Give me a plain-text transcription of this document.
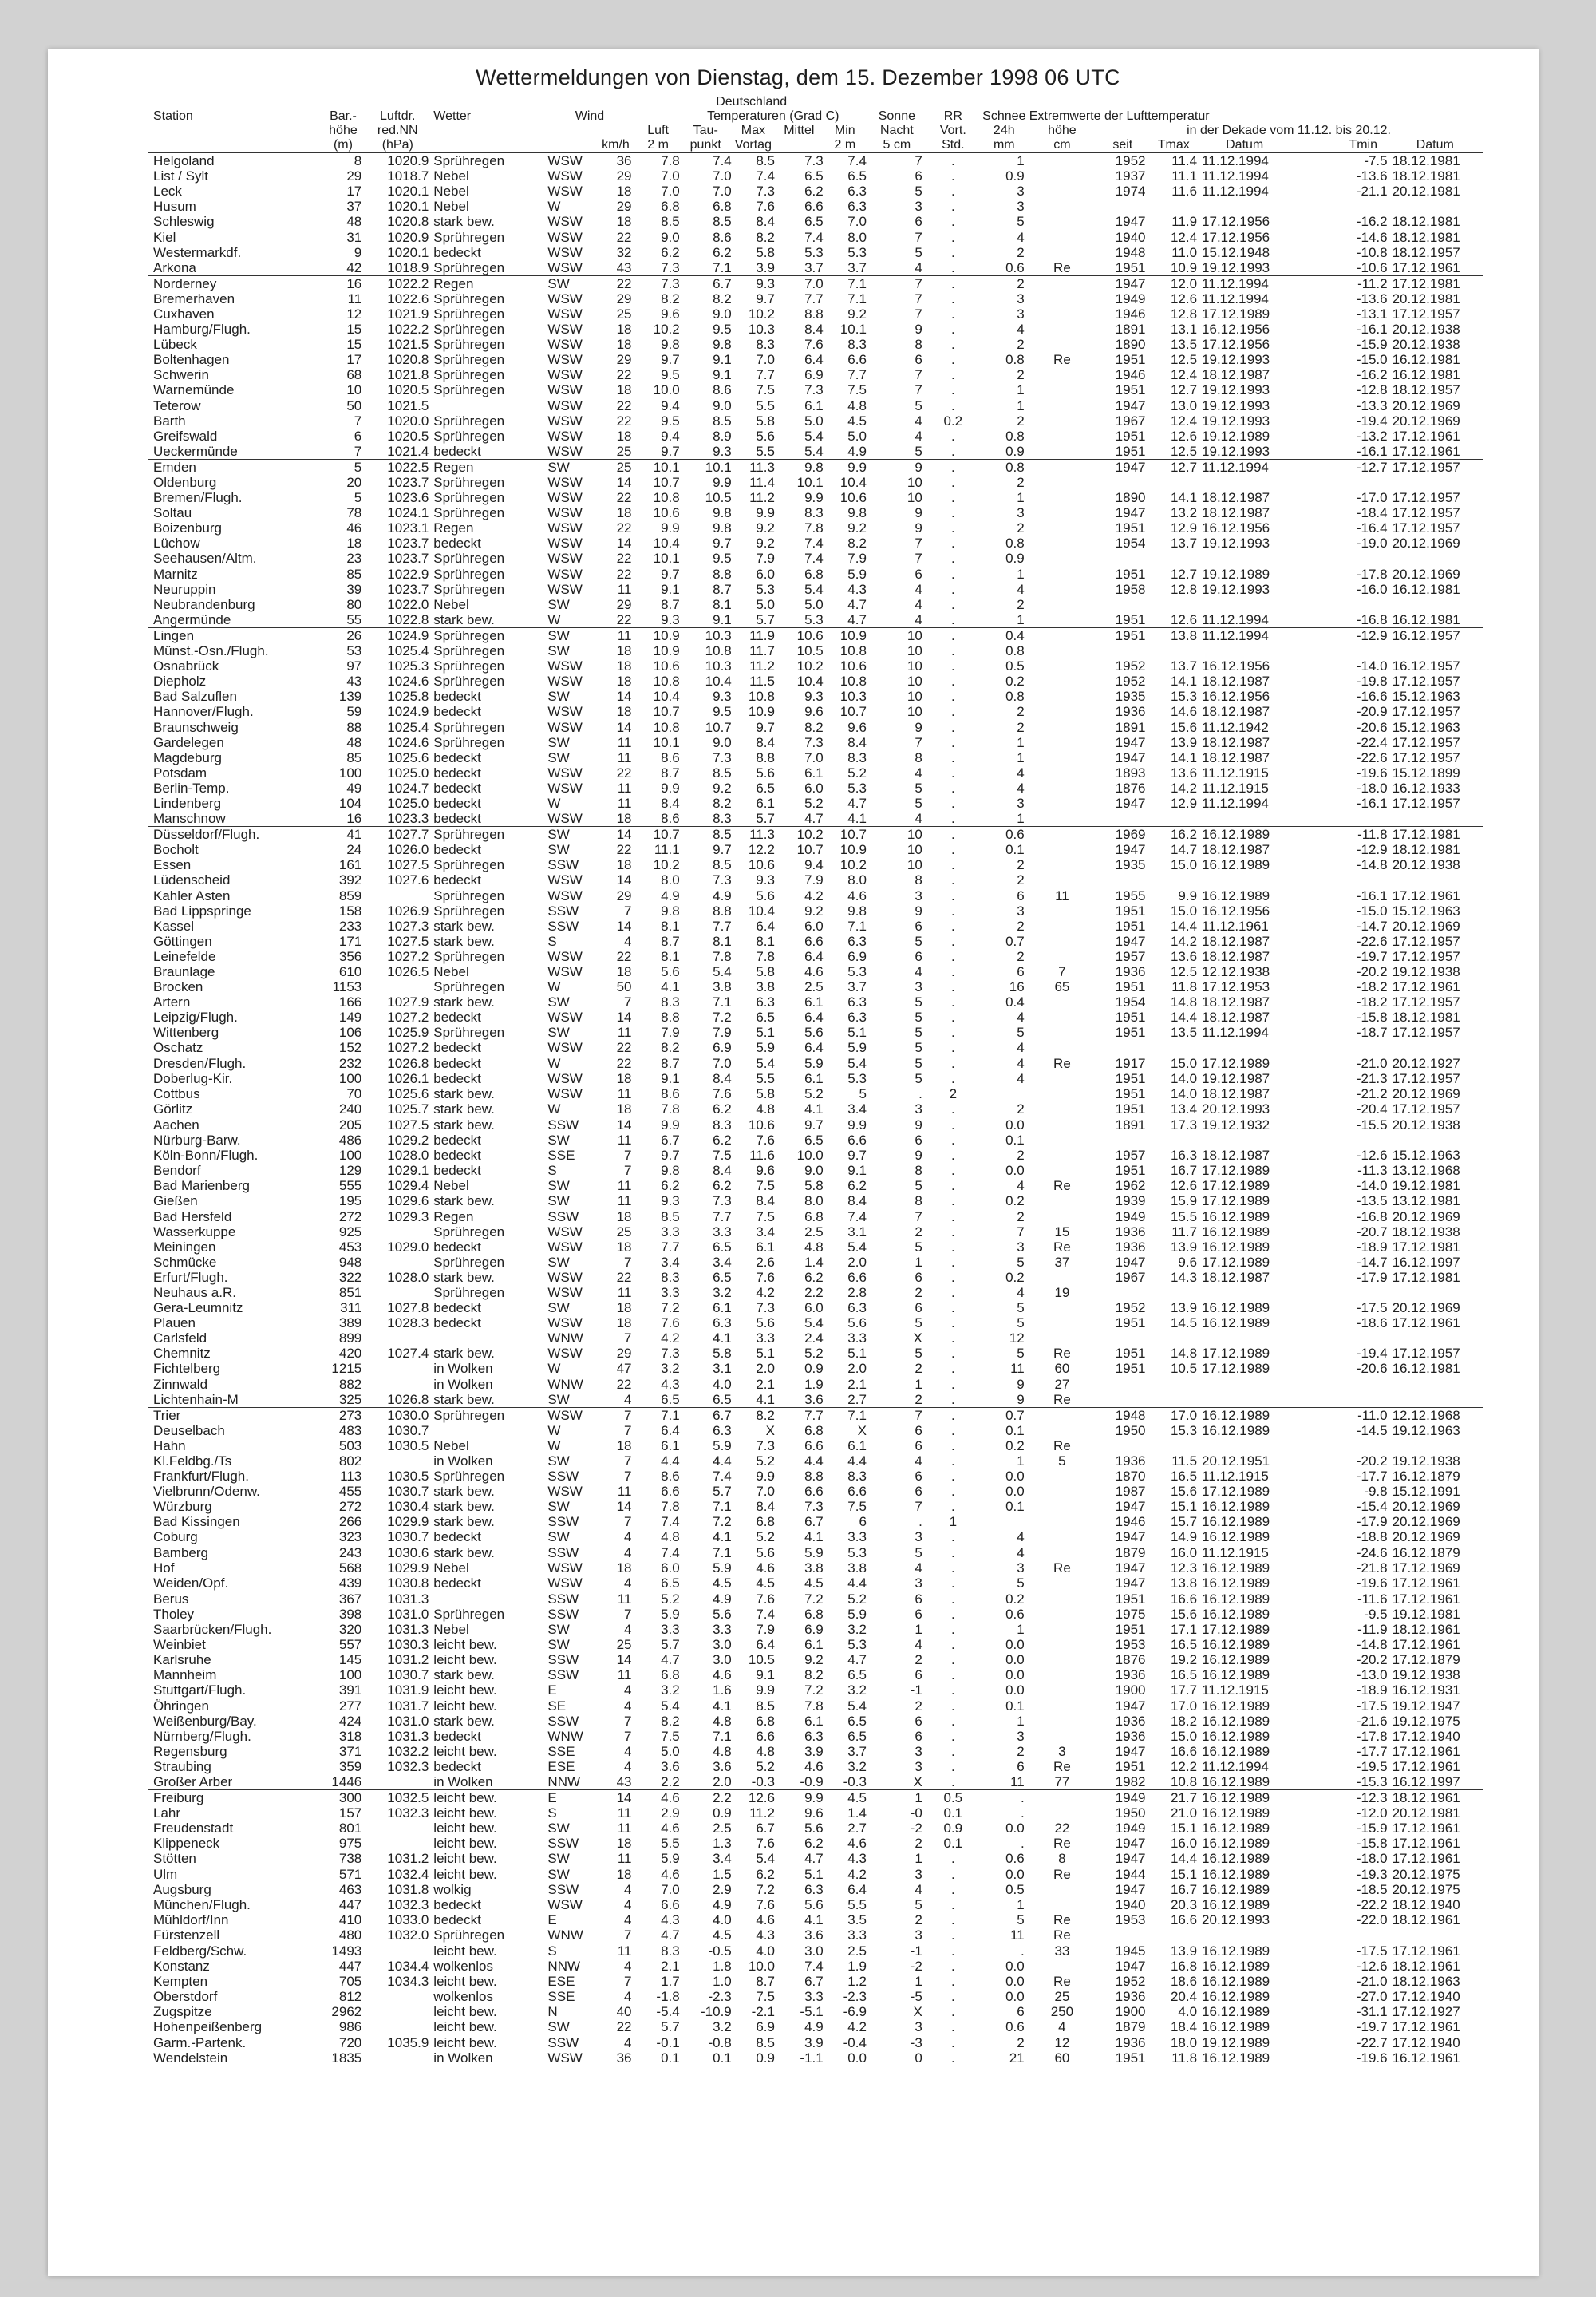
Wettermeldungen von Dienstag, dem 15. Dezember 1998 06 UTC
							Deutschland													
Station	Bar.-	Luftdr.	Wetter	Wind			Temperaturen (Grad C)				Sonne	RR	Schnee	Extremwerte der Lufttemperatur						
	höhe	red.NN				Luft	Tau-	Max	Mittel	Min	Nacht	Vort.	24h	höhe	in der Dekade vom 11.12. bis 20.12.					
	(m)	(hPa)			km/h	2 m	punkt	Vortag		2 m	5 cm	Std.	mm	cm	seit	Tmax	Datum		Tmin	Datum
Helgoland	8	1020.9	Sprühregen	WSW	36	7.8	7.4	8.5	7.3	7.4	7	.	1		1952	11.4	11.12.1994		-7.5	18.12.1981
List / Sylt	29	1018.7	Nebel	WSW	29	7.0	7.0	7.4	6.5	6.5	6	.	0.9		1937	11.1	11.12.1994		-13.6	18.12.1981
Leck	17	1020.1	Nebel	WSW	18	7.0	7.0	7.3	6.2	6.3	5	.	3		1974	11.6	11.12.1994		-21.1	20.12.1981
Husum	37	1020.1	Nebel	W	29	6.8	6.8	7.6	6.6	6.3	3	.	3							
Schleswig	48	1020.8	stark bew.	WSW	18	8.5	8.5	8.4	6.5	7.0	6	.	5		1947	11.9	17.12.1956		-16.2	18.12.1981
Kiel	31	1020.9	Sprühregen	WSW	22	9.0	8.6	8.2	7.4	8.0	7	.	4		1940	12.4	17.12.1956		-14.6	18.12.1981
Westermarkdf.	9	1020.1	bedeckt	WSW	32	6.2	6.2	5.8	5.3	5.3	5	.	2		1948	11.0	15.12.1948		-10.8	18.12.1957
Arkona	42	1018.9	Sprühregen	WSW	43	7.3	7.1	3.9	3.7	3.7	4	.	0.6	Re	1951	10.9	19.12.1993		-10.6	17.12.1961
Norderney	16	1022.2	Regen	SW	22	7.3	6.7	9.3	7.0	7.1	7	.	2		1947	12.0	11.12.1994		-11.2	17.12.1981
Bremerhaven	11	1022.6	Sprühregen	WSW	29	8.2	8.2	9.7	7.7	7.1	7	.	3		1949	12.6	11.12.1994		-13.6	20.12.1981
Cuxhaven	12	1021.9	Sprühregen	WSW	25	9.6	9.0	10.2	8.8	9.2	7	.	3		1946	12.8	17.12.1989		-13.1	17.12.1957
Hamburg/Flugh.	15	1022.2	Sprühregen	WSW	18	10.2	9.5	10.3	8.4	10.1	9	.	4		1891	13.1	16.12.1956		-16.1	20.12.1938
Lübeck	15	1021.5	Sprühregen	WSW	18	9.8	9.8	8.3	7.6	8.3	8	.	2		1890	13.5	17.12.1956		-15.9	20.12.1938
Boltenhagen	17	1020.8	Sprühregen	WSW	29	9.7	9.1	7.0	6.4	6.6	6	.	0.8	Re	1951	12.5	19.12.1993		-15.0	16.12.1981
Schwerin	68	1021.8	Sprühregen	WSW	22	9.5	9.1	7.7	6.9	7.7	7	.	2		1946	12.4	18.12.1987		-16.2	16.12.1981
Warnemünde	10	1020.5	Sprühregen	WSW	18	10.0	8.6	7.5	7.3	7.5	7	.	1		1951	12.7	19.12.1993		-12.8	18.12.1957
Teterow	50	1021.5		WSW	22	9.4	9.0	5.5	6.1	4.8	5	.	1		1947	13.0	19.12.1993		-13.3	20.12.1969
Barth	7	1020.0	Sprühregen	WSW	22	9.5	8.5	5.8	5.0	4.5	4	0.2	2		1967	12.4	19.12.1993		-19.4	20.12.1969
Greifswald	6	1020.5	Sprühregen	WSW	18	9.4	8.9	5.6	5.4	5.0	4	.	0.8		1951	12.6	19.12.1989		-13.2	17.12.1961
Ueckermünde	7	1021.4	bedeckt	WSW	25	9.7	9.3	5.5	5.4	4.9	5	.	0.9		1951	12.5	19.12.1993		-16.1	17.12.1961
Emden	5	1022.5	Regen	SW	25	10.1	10.1	11.3	9.8	9.9	9	.	0.8		1947	12.7	11.12.1994		-12.7	17.12.1957
Oldenburg	20	1023.7	Sprühregen	WSW	14	10.7	9.9	11.4	10.1	10.4	10	.	2							
Bremen/Flugh.	5	1023.6	Sprühregen	WSW	22	10.8	10.5	11.2	9.9	10.6	10	.	1		1890	14.1	18.12.1987		-17.0	17.12.1957
Soltau	78	1024.1	Sprühregen	WSW	18	10.6	9.8	9.9	8.3	9.8	9	.	3		1947	13.2	18.12.1987		-18.4	17.12.1957
Boizenburg	46	1023.1	Regen	WSW	22	9.9	9.8	9.2	7.8	9.2	9	.	2		1951	12.9	16.12.1956		-16.4	17.12.1957
Lüchow	18	1023.7	bedeckt	WSW	14	10.4	9.7	9.2	7.4	8.2	7	.	0.8		1954	13.7	19.12.1993		-19.0	20.12.1969
Seehausen/Altm.	23	1023.7	Sprühregen	WSW	22	10.1	9.5	7.9	7.4	7.9	7	.	0.9							
Marnitz	85	1022.9	Sprühregen	WSW	22	9.7	8.8	6.0	6.8	5.9	6	.	1		1951	12.7	19.12.1989		-17.8	20.12.1969
Neuruppin	39	1023.7	Sprühregen	WSW	11	9.1	8.7	5.3	5.4	4.3	4	.	4		1958	12.8	19.12.1993		-16.0	16.12.1981
Neubrandenburg	80	1022.0	Nebel	SW	29	8.7	8.1	5.0	5.0	4.7	4	.	2							
Angermünde	55	1022.8	stark bew.	W	22	9.3	9.1	5.7	5.3	4.7	4	.	1		1951	12.6	11.12.1994		-16.8	16.12.1981
Lingen	26	1024.9	Sprühregen	SW	11	10.9	10.3	11.9	10.6	10.9	10	.	0.4		1951	13.8	11.12.1994		-12.9	16.12.1957
Münst.-Osn./Flugh.	53	1025.4	Sprühregen	SW	18	10.9	10.8	11.7	10.5	10.8	10	.	0.8							
Osnabrück	97	1025.3	Sprühregen	WSW	18	10.6	10.3	11.2	10.2	10.6	10	.	0.5		1952	13.7	16.12.1956		-14.0	16.12.1957
Diepholz	43	1024.6	Sprühregen	WSW	18	10.8	10.4	11.5	10.4	10.8	10	.	0.2		1952	14.1	18.12.1987		-19.8	17.12.1957
Bad Salzuflen	139	1025.8	bedeckt	SW	14	10.4	9.3	10.8	9.3	10.3	10	.	0.8		1935	15.3	16.12.1956		-16.6	15.12.1963
Hannover/Flugh.	59	1024.9	bedeckt	WSW	18	10.7	9.5	10.9	9.6	10.7	10	.	2		1936	14.6	18.12.1987		-20.9	17.12.1957
Braunschweig	88	1025.4	Sprühregen	WSW	14	10.8	10.7	9.7	8.2	9.6	9	.	2		1891	15.6	11.12.1942		-20.6	15.12.1963
Gardelegen	48	1024.6	Sprühregen	SW	11	10.1	9.0	8.4	7.3	8.4	7	.	1		1947	13.9	18.12.1987		-22.4	17.12.1957
Magdeburg	85	1025.6	bedeckt	SW	11	8.6	7.3	8.8	7.0	8.3	8	.	1		1947	14.1	18.12.1987		-22.6	17.12.1957
Potsdam	100	1025.0	bedeckt	WSW	22	8.7	8.5	5.6	6.1	5.2	4	.	4		1893	13.6	11.12.1915		-19.6	15.12.1899
Berlin-Temp.	49	1024.7	bedeckt	WSW	11	9.9	9.2	6.5	6.0	5.3	5	.	4		1876	14.2	11.12.1915		-18.0	16.12.1933
Lindenberg	104	1025.0	bedeckt	W	11	8.4	8.2	6.1	5.2	4.7	5	.	3		1947	12.9	11.12.1994		-16.1	17.12.1957
Manschnow	16	1023.3	bedeckt	WSW	18	8.6	8.3	5.7	4.7	4.1	4	.	1							
Düsseldorf/Flugh.	41	1027.7	Sprühregen	SW	14	10.7	8.5	11.3	10.2	10.7	10	.	0.6		1969	16.2	16.12.1989		-11.8	17.12.1981
Bocholt	24	1026.0	bedeckt	SW	22	11.1	9.7	12.2	10.7	10.9	10	.	0.1		1947	14.7	18.12.1987		-12.9	18.12.1981
Essen	161	1027.5	Sprühregen	SSW	18	10.2	8.5	10.6	9.4	10.2	10	.	2		1935	15.0	16.12.1989		-14.8	20.12.1938
Lüdenscheid	392	1027.6	bedeckt	WSW	14	8.0	7.3	9.3	7.9	8.0	8	.	2							
Kahler Asten	859		Sprühregen	WSW	29	4.9	4.9	5.6	4.2	4.6	3	.	6	11	1955	9.9	16.12.1989		-16.1	17.12.1961
Bad Lippspringe	158	1026.9	Sprühregen	SSW	7	9.8	8.8	10.4	9.2	9.8	9	.	3		1951	15.0	16.12.1956		-15.0	15.12.1963
Kassel	233	1027.3	stark bew.	SSW	14	8.1	7.7	6.4	6.0	7.1	6	.	2		1951	14.4	11.12.1961		-14.7	20.12.1969
Göttingen	171	1027.5	stark bew.	S	4	8.7	8.1	8.1	6.6	6.3	5	.	0.7		1947	14.2	18.12.1987		-22.6	17.12.1957
Leinefelde	356	1027.2	Sprühregen	WSW	22	8.1	7.8	7.8	6.4	6.9	6	.	2		1957	13.6	18.12.1987		-19.7	17.12.1957
Braunlage	610	1026.5	Nebel	WSW	18	5.6	5.4	5.8	4.6	5.3	4	.	6	7	1936	12.5	12.12.1938		-20.2	19.12.1938
Brocken	1153		Sprühregen	W	50	4.1	3.8	3.8	2.5	3.7	3	.	16	65	1951	11.8	17.12.1953		-18.2	17.12.1961
Artern	166	1027.9	stark bew.	SW	7	8.3	7.1	6.3	6.1	6.3	5	.	0.4		1954	14.8	18.12.1987		-18.2	17.12.1957
Leipzig/Flugh.	149	1027.2	bedeckt	WSW	14	8.8	7.2	6.5	6.4	6.3	5	.	4		1951	14.4	18.12.1987		-15.8	18.12.1981
Wittenberg	106	1025.9	Sprühregen	SW	11	7.9	7.9	5.1	5.6	5.1	5	.	5		1951	13.5	11.12.1994		-18.7	17.12.1957
Oschatz	152	1027.2	bedeckt	WSW	22	8.2	6.9	5.9	6.4	5.9	5	.	4							
Dresden/Flugh.	232	1026.8	bedeckt	W	22	8.7	7.0	5.4	5.9	5.4	5	.	4	Re	1917	15.0	17.12.1989		-21.0	20.12.1927
Doberlug-Kir.	100	1026.1	bedeckt	WSW	18	9.1	8.4	5.5	6.1	5.3	5	.	4		1951	14.0	19.12.1987		-21.3	17.12.1957
Cottbus	70	1025.6	stark bew.	WSW	11	8.6	7.6	5.8	5.2	5	.	2			1951	14.0	18.12.1987		-21.2	20.12.1969
Görlitz	240	1025.7	stark bew.	W	18	7.8	6.2	4.8	4.1	3.4	3	.	2		1951	13.4	20.12.1993		-20.4	17.12.1957
Aachen	205	1027.5	stark bew.	SSW	14	9.9	8.3	10.6	9.7	9.9	9	.	0.0		1891	17.3	19.12.1932		-15.5	20.12.1938
Nürburg-Barw.	486	1029.2	bedeckt	SW	11	6.7	6.2	7.6	6.5	6.6	6	.	0.1							
Köln-Bonn/Flugh.	100	1028.0	bedeckt	SSE	7	9.7	7.5	11.6	10.0	9.7	9	.	2		1957	16.3	18.12.1987		-12.6	15.12.1963
Bendorf	129	1029.1	bedeckt	S	7	9.8	8.4	9.6	9.0	9.1	8	.	0.0		1951	16.7	17.12.1989		-11.3	13.12.1968
Bad Marienberg	555	1029.4	Nebel	SW	11	6.2	6.2	7.5	5.8	6.2	5	.	4	Re	1962	12.6	17.12.1989		-14.0	19.12.1981
Gießen	195	1029.6	stark bew.	SW	11	9.3	7.3	8.4	8.0	8.4	8	.	0.2		1939	15.9	17.12.1989		-13.5	13.12.1981
Bad Hersfeld	272	1029.3	Regen	SSW	18	8.5	7.7	7.5	6.8	7.4	7	.	2		1949	15.5	16.12.1989		-16.8	20.12.1969
Wasserkuppe	925		Sprühregen	WSW	25	3.3	3.3	3.4	2.5	3.1	2	.	7	15	1936	11.7	16.12.1989		-20.7	18.12.1938
Meiningen	453	1029.0	bedeckt	WSW	18	7.7	6.5	6.1	4.8	5.4	5	.	3	Re	1936	13.9	16.12.1989		-18.9	17.12.1981
Schmücke	948		Sprühregen	SW	7	3.4	3.4	2.6	1.4	2.0	1	.	5	37	1947	9.6	17.12.1989		-14.7	16.12.1997
Erfurt/Flugh.	322	1028.0	stark bew.	WSW	22	8.3	6.5	7.6	6.2	6.6	6	.	0.2		1967	14.3	18.12.1987		-17.9	17.12.1981
Neuhaus a.R.	851		Sprühregen	WSW	11	3.3	3.2	4.2	2.2	2.8	2	.	4	19						
Gera-Leumnitz	311	1027.8	bedeckt	SW	18	7.2	6.1	7.3	6.0	6.3	6	.	5		1952	13.9	16.12.1989		-17.5	20.12.1969
Plauen	389	1028.3	bedeckt	WSW	18	7.6	6.3	5.6	5.4	5.6	5	.	5		1951	14.5	16.12.1989		-18.6	17.12.1961
Carlsfeld	899			WNW	7	4.2	4.1	3.3	2.4	3.3	X	.	12							
Chemnitz	420	1027.4	stark bew.	WSW	29	7.3	5.8	5.1	5.2	5.1	5	.	5	Re	1951	14.8	17.12.1989		-19.4	17.12.1957
Fichtelberg	1215		in Wolken	W	47	3.2	3.1	2.0	0.9	2.0	2	.	11	60	1951	10.5	17.12.1989		-20.6	16.12.1981
Zinnwald	882		in Wolken	WNW	22	4.3	4.0	2.1	1.9	2.1	1	.	9	27						
Lichtenhain-M	325	1026.8	stark bew.	SW	4	6.5	6.5	4.1	3.6	2.7	2	.	9	Re						
Trier	273	1030.0	Sprühregen	WSW	7	7.1	6.7	8.2	7.7	7.1	7	.	0.7		1948	17.0	16.12.1989		-11.0	12.12.1968
Deuselbach	483	1030.7		W	7	6.4	6.3	X	6.8	X	6	.	0.1		1950	15.3	16.12.1989		-14.5	19.12.1963
Hahn	503	1030.5	Nebel	W	18	6.1	5.9	7.3	6.6	6.1	6	.	0.2	Re						
Kl.Feldbg./Ts	802		in Wolken	SW	7	4.4	4.4	5.2	4.4	4.4	4	.	1	5	1936	11.5	20.12.1951		-20.2	19.12.1938
Frankfurt/Flugh.	113	1030.5	Sprühregen	SSW	7	8.6	7.4	9.9	8.8	8.3	6	.	0.0		1870	16.5	11.12.1915		-17.7	16.12.1879
Vielbrunn/Odenw.	455	1030.7	stark bew.	WSW	11	6.6	5.7	7.0	6.6	6.6	6	.	0.0		1987	15.6	17.12.1989		-9.8	15.12.1991
Würzburg	272	1030.4	stark bew.	SW	14	7.8	7.1	8.4	7.3	7.5	7	.	0.1		1947	15.1	16.12.1989		-15.4	20.12.1969
Bad Kissingen	266	1029.9	stark bew.	SSW	7	7.4	7.2	6.8	6.7	6	.	1			1946	15.7	16.12.1989		-17.9	20.12.1969
Coburg	323	1030.7	bedeckt	SW	4	4.8	4.1	5.2	4.1	3.3	3	.	4		1947	14.9	16.12.1989		-18.8	20.12.1969
Bamberg	243	1030.6	stark bew.	SSW	4	7.4	7.1	5.6	5.9	5.3	5	.	4		1879	16.0	11.12.1915		-24.6	16.12.1879
Hof	568	1029.9	Nebel	WSW	18	6.0	5.9	4.6	3.8	3.8	4	.	3	Re	1947	12.3	16.12.1989		-21.8	17.12.1969
Weiden/Opf.	439	1030.8	bedeckt	WSW	4	6.5	4.5	4.5	4.5	4.4	3	.	5		1947	13.8	16.12.1989		-19.6	17.12.1961
Berus	367	1031.3		SSW	11	5.2	4.9	7.6	7.2	5.2	6	.	0.2		1951	16.6	16.12.1989		-11.6	17.12.1961
Tholey	398	1031.0	Sprühregen	SSW	7	5.9	5.6	7.4	6.8	5.9	6	.	0.6		1975	15.6	16.12.1989		-9.5	19.12.1981
Saarbrücken/Flugh.	320	1031.3	Nebel	SW	4	3.3	3.3	7.9	6.9	3.2	1	.	1		1951	17.1	17.12.1989		-11.9	18.12.1961
Weinbiet	557	1030.3	leicht bew.	SW	25	5.7	3.0	6.4	6.1	5.3	4	.	0.0		1953	16.5	16.12.1989		-14.8	17.12.1961
Karlsruhe	145	1031.2	leicht bew.	SSW	14	4.7	3.0	10.5	9.2	4.7	2	.	0.0		1876	19.2	16.12.1989		-20.2	17.12.1879
Mannheim	100	1030.7	stark bew.	SSW	11	6.8	4.6	9.1	8.2	6.5	6	.	0.0		1936	16.5	16.12.1989		-13.0	19.12.1938
Stuttgart/Flugh.	391	1031.9	leicht bew.	E	4	3.2	1.6	9.9	7.2	3.2	-1	.	0.0		1900	17.7	11.12.1915		-18.9	16.12.1931
Öhringen	277	1031.7	leicht bew.	SE	4	5.4	4.1	8.5	7.8	5.4	2	.	0.1		1947	17.0	16.12.1989		-17.5	19.12.1947
Weißenburg/Bay.	424	1031.0	stark bew.	SSW	7	8.2	4.8	6.8	6.1	6.5	6	.	1		1936	18.2	16.12.1989		-21.6	19.12.1975
Nürnberg/Flugh.	318	1031.3	bedeckt	WNW	7	7.5	7.1	6.6	6.3	6.5	6	.	3		1936	15.0	16.12.1989		-17.8	17.12.1940
Regensburg	371	1032.2	leicht bew.	SSE	4	5.0	4.8	4.8	3.9	3.7	3	.	2	3	1947	16.6	16.12.1989		-17.7	17.12.1961
Straubing	359	1032.3	bedeckt	ESE	4	3.6	3.6	5.2	4.6	3.2	3	.	6	Re	1951	12.2	11.12.1994		-19.5	17.12.1961
Großer Arber	1446		in Wolken	NNW	43	2.2	2.0	-0.3	-0.9	-0.3	X	.	11	77	1982	10.8	16.12.1989		-15.3	16.12.1997
Freiburg	300	1032.5	leicht bew.	E	14	4.6	2.2	12.6	9.9	4.5	1	0.5	.		1949	21.7	16.12.1989		-12.3	18.12.1961
Lahr	157	1032.3	leicht bew.	S	11	2.9	0.9	11.2	9.6	1.4	-0	0.1	.		1950	21.0	16.12.1989		-12.0	20.12.1981
Freudenstadt	801		leicht bew.	SW	11	4.6	2.5	6.7	5.6	2.7	-2	0.9	0.0	22	1949	15.1	16.12.1989		-15.9	17.12.1961
Klippeneck	975		leicht bew.	SSW	18	5.5	1.3	7.6	6.2	4.6	2	0.1	.	Re	1947	16.0	16.12.1989		-15.8	17.12.1961
Stötten	738	1031.2	leicht bew.	SW	11	5.9	3.4	5.4	4.7	4.3	1	.	0.6	8	1947	14.4	16.12.1989		-18.0	17.12.1961
Ulm	571	1032.4	leicht bew.	SW	18	4.6	1.5	6.2	5.1	4.2	3	.	0.0	Re	1944	15.1	16.12.1989		-19.3	20.12.1975
Augsburg	463	1031.8	wolkig	SSW	4	7.0	2.9	7.2	6.3	6.4	4	.	0.5		1947	16.7	16.12.1989		-18.5	20.12.1975
München/Flugh.	447	1032.3	bedeckt	WSW	4	6.6	4.9	7.6	5.6	5.5	5	.	1		1940	20.3	16.12.1989		-22.2	18.12.1940
Mühldorf/Inn	410	1033.0	bedeckt	E	4	4.3	4.0	4.6	4.1	3.5	2	.	5	Re	1953	16.6	20.12.1993		-22.0	18.12.1961
Fürstenzell	480	1032.0	Sprühregen	WNW	7	4.7	4.5	4.3	3.6	3.3	3	.	11	Re						
Feldberg/Schw.	1493		leicht bew.	S	11	8.3	-0.5	4.0	3.0	2.5	-1	.	.	33	1945	13.9	16.12.1989		-17.5	17.12.1961
Konstanz	447	1034.4	wolkenlos	NNW	4	2.1	1.8	10.0	7.4	1.9	-2	.	0.0		1947	16.8	16.12.1989		-12.6	18.12.1961
Kempten	705	1034.3	leicht bew.	ESE	7	1.7	1.0	8.7	6.7	1.2	1	.	0.0	Re	1952	18.6	16.12.1989		-21.0	18.12.1963
Oberstdorf	812		wolkenlos	SSE	4	-1.8	-2.3	7.5	3.3	-2.3	-5	.	0.0	25	1936	20.4	16.12.1989		-27.0	17.12.1940
Zugspitze	2962		leicht bew.	N	40	-5.4	-10.9	-2.1	-5.1	-6.9	X	.	6	250	1900	4.0	16.12.1989		-31.1	17.12.1927
Hohenpeißenberg	986		leicht bew.	SW	22	5.7	3.2	6.9	4.9	4.2	3	.	0.6	4	1879	18.4	16.12.1989		-19.7	17.12.1961
Garm.-Partenk.	720	1035.9	leicht bew.	SSW	4	-0.1	-0.8	8.5	3.9	-0.4	-3	.	2	12	1936	18.0	19.12.1989		-22.7	17.12.1940
Wendelstein	1835		in Wolken	WSW	36	0.1	0.1	0.9	-1.1	0.0	0	.	21	60	1951	11.8	16.12.1989		-19.6	16.12.1961
